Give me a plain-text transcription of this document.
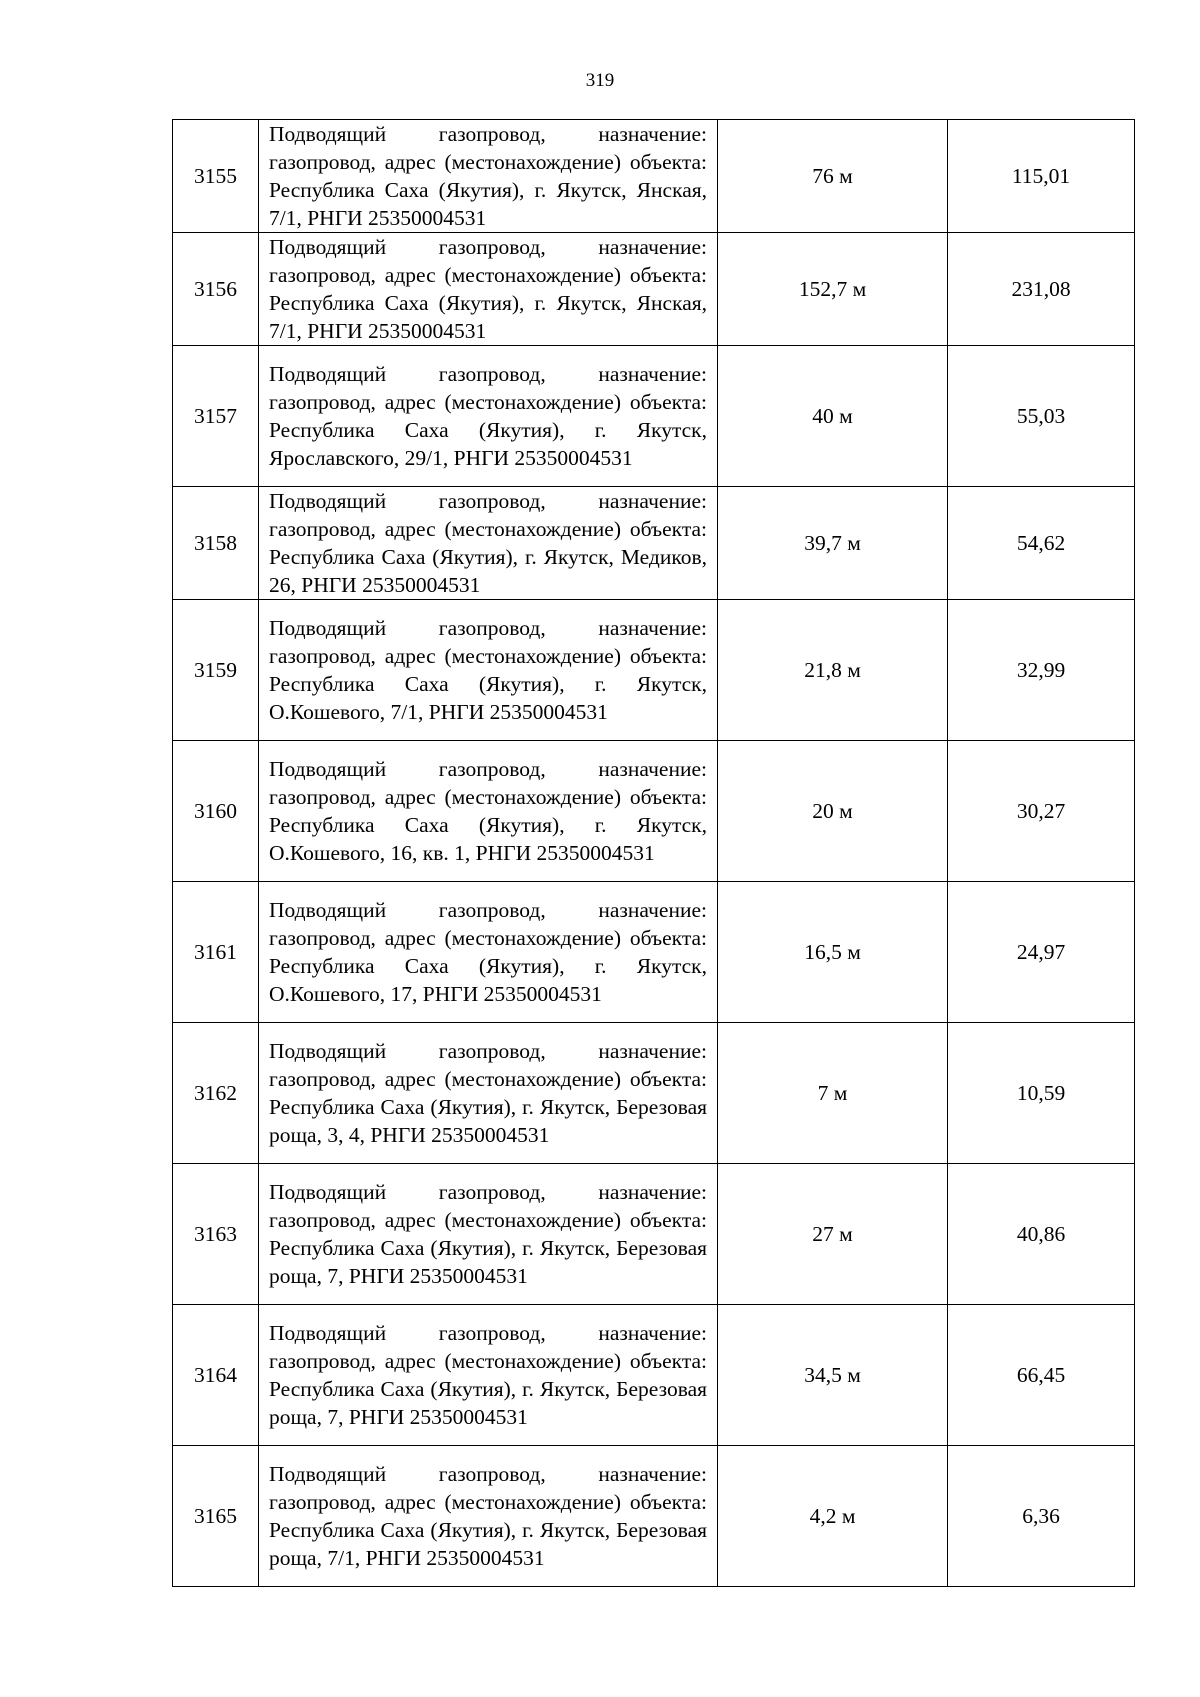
319
3155	Подводящий газопровод, назначение: газопровод, адрес (местонахождение) объекта: Республика Саха (Якутия), г. Якутск, Янская, 7/1, РНГИ 25350004531	76 м	115,01
3156	Подводящий газопровод, назначение: газопровод, адрес (местонахождение) объекта: Республика Саха (Якутия), г. Якутск, Янская, 7/1, РНГИ 25350004531	152,7 м	231,08
3157	Подводящий газопровод, назначение: газопровод, адрес (местонахождение) объекта: Республика Саха (Якутия), г. Якутск, Ярославского, 29/1, РНГИ 25350004531	40 м	55,03
3158	Подводящий газопровод, назначение: газопровод, адрес (местонахождение) объекта: Республика Саха (Якутия), г. Якутск, Медиков, 26, РНГИ 25350004531	39,7 м	54,62
3159	Подводящий газопровод, назначение: газопровод, адрес (местонахождение) объекта: Республика Саха (Якутия), г. Якутск, О.Кошевого, 7/1, РНГИ 25350004531	21,8 м	32,99
3160	Подводящий газопровод, назначение: газопровод, адрес (местонахождение) объекта: Республика Саха (Якутия), г. Якутск, О.Кошевого, 16, кв. 1, РНГИ 25350004531	20 м	30,27
3161	Подводящий газопровод, назначение: газопровод, адрес (местонахождение) объекта: Республика Саха (Якутия), г. Якутск, О.Кошевого, 17, РНГИ 25350004531	16,5 м	24,97
3162	Подводящий газопровод, назначение: газопровод, адрес (местонахождение) объекта: Республика Саха (Якутия), г. Якутск, Березовая роща, 3, 4, РНГИ 25350004531	7 м	10,59
3163	Подводящий газопровод, назначение: газопровод, адрес (местонахождение) объекта: Республика Саха (Якутия), г. Якутск, Березовая роща, 7, РНГИ 25350004531	27 м	40,86
3164	Подводящий газопровод, назначение: газопровод, адрес (местонахождение) объекта: Республика Саха (Якутия), г. Якутск, Березовая роща, 7, РНГИ 25350004531	34,5 м	66,45
3165	Подводящий газопровод, назначение: газопровод, адрес (местонахождение) объекта: Республика Саха (Якутия), г. Якутск, Березовая роща, 7/1, РНГИ 25350004531	4,2 м	6,36
